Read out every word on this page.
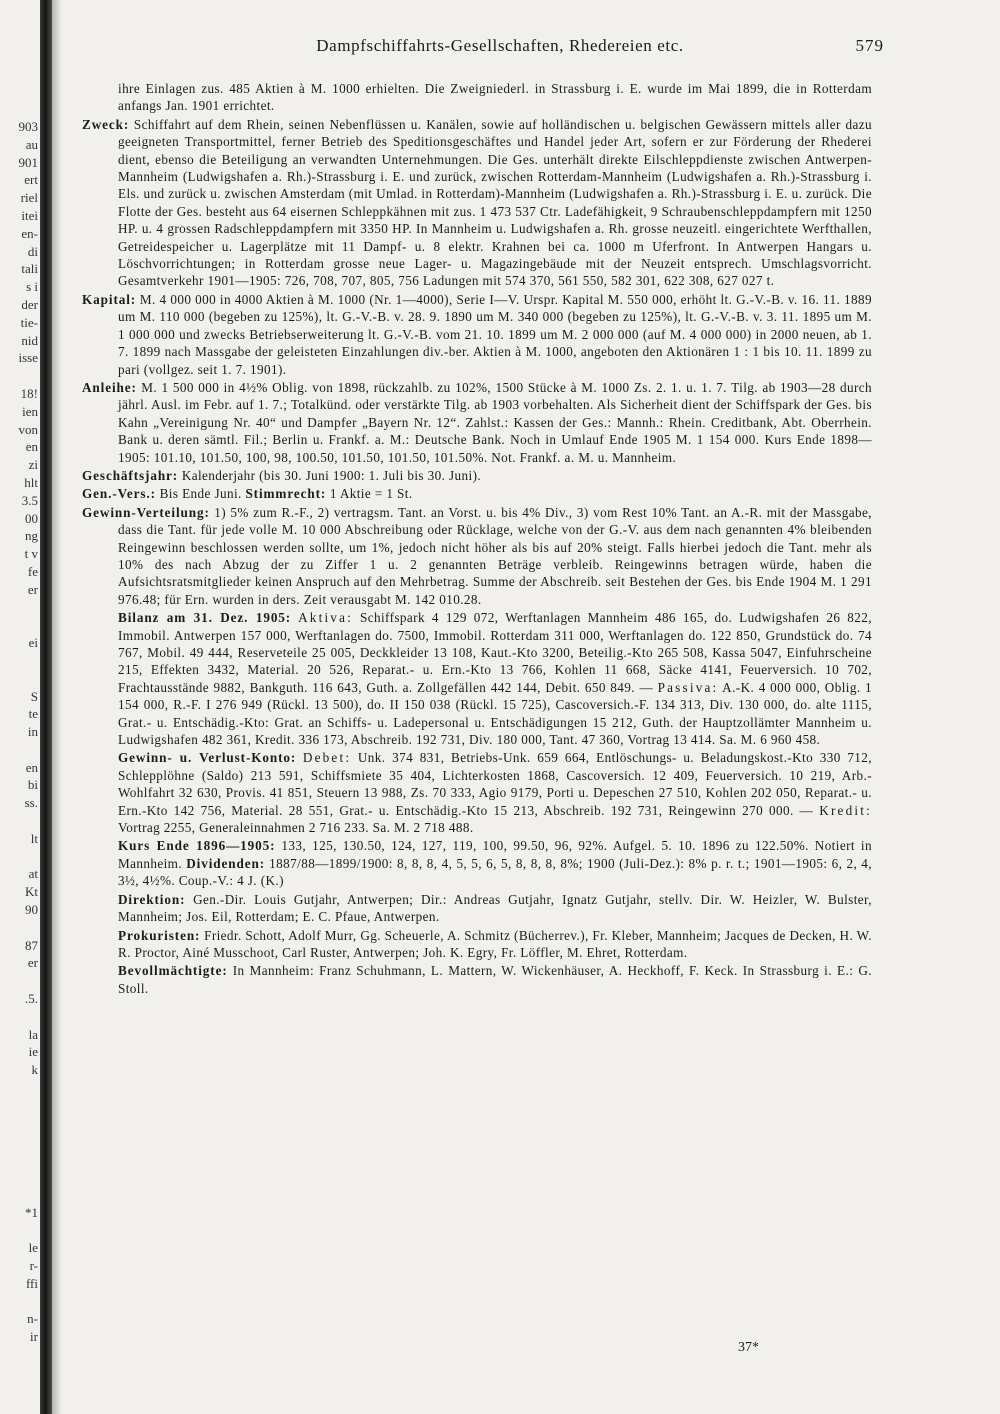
903
au
901
ert
riel
itei
en-
di
tali
s i
der
tie-
nid
isse

18!
ien
von
en
zi
hlt
3.5
00
ng
t v
fe
er

ei

S
te
in

en
bi
ss.

lt

at
Kt
90

87
er

.5.

la
ie
k

*1

le
r-
ffi

n-
ir
Dampfschiffahrts-Gesellschaften, Rhedereien etc.	579

ihre Einlagen zus. 485 Aktien à M. 1000 erhielten. Die Zweigniederl. in Strassburg i. E. wurde im Mai 1899, die in Rotterdam anfangs Jan. 1901 errichtet.

Zweck: Schiffahrt auf dem Rhein, seinen Nebenflüssen u. Kanälen, sowie auf holländischen u. belgischen Gewässern mittels aller dazu geeigneten Transportmittel, ferner Betrieb des Speditionsgeschäftes und Handel jeder Art, sofern er zur Förderung der Rhederei dient, ebenso die Beteiligung an verwandten Unternehmungen. Die Ges. unterhält direkte Eilschleppdienste zwischen Antwerpen-Mannheim (Ludwigshafen a. Rh.)-Strassburg i. E. und zurück, zwischen Rotterdam-Mannheim (Ludwigshafen a. Rh.)-Strassburg i. Els. und zurück u. zwischen Amsterdam (mit Umlad. in Rotterdam)-Mannheim (Ludwigshafen a. Rh.)-Strassburg i. E. u. zurück. Die Flotte der Ges. besteht aus 64 eisernen Schleppkähnen mit zus. 1 473 537 Ctr. Ladefähigkeit, 9 Schraubenschleppdampfern mit 1250 HP. u. 4 grossen Radschleppdampfern mit 3350 HP. In Mannheim u. Ludwigshafen a. Rh. grosse neuzeitl. eingerichtete Werfthallen, Getreidespeicher u. Lagerplätze mit 11 Dampf- u. 8 elektr. Krahnen bei ca. 1000 m Uferfront. In Antwerpen Hangars u. Löschvorrichtungen; in Rotterdam grosse neue Lager- u. Magazingebäude mit der Neuzeit entsprech. Umschlagsvorricht. Gesamtverkehr 1901—1905: 726, 708, 707, 805, 756 Ladungen mit 574 370, 561 550, 582 301, 622 308, 627 027 t.

Kapital: M. 4 000 000 in 4000 Aktien à M. 1000 (Nr. 1—4000), Serie I—V. Urspr. Kapital M. 550 000, erhöht lt. G.-V.-B. v. 16. 11. 1889 um M. 110 000 (begeben zu 125%), lt. G.-V.-B. v. 28. 9. 1890 um M. 340 000 (begeben zu 125%), lt. G.-V.-B. v. 3. 11. 1895 um M. 1 000 000 und zwecks Betriebserweiterung lt. G.-V.-B. vom 21. 10. 1899 um M. 2 000 000 (auf M. 4 000 000) in 2000 neuen, ab 1. 7. 1899 nach Massgabe der geleisteten Einzahlungen div.-ber. Aktien à M. 1000, angeboten den Aktionären 1 : 1 bis 10. 11. 1899 zu pari (vollgez. seit 1. 7. 1901).

Anleihe: M. 1 500 000 in 4½% Oblig. von 1898, rückzahlb. zu 102%, 1500 Stücke à M. 1000 Zs. 2. 1. u. 1. 7. Tilg. ab 1903—28 durch jährl. Ausl. im Febr. auf 1. 7.; Totalkünd. oder verstärkte Tilg. ab 1903 vorbehalten. Als Sicherheit dient der Schiffspark der Ges. bis Kahn „Vereinigung Nr. 40“ und Dampfer „Bayern Nr. 12“. Zahlst.: Kassen der Ges.: Mannh.: Rhein. Creditbank, Abt. Oberrhein. Bank u. deren sämtl. Fil.; Berlin u. Frankf. a. M.: Deutsche Bank. Noch in Umlauf Ende 1905 M. 1 154 000. Kurs Ende 1898—1905: 101.10, 101.50, 100, 98, 100.50, 101.50, 101.50, 101.50%. Not. Frankf. a. M. u. Mannheim.

Geschäftsjahr: Kalenderjahr (bis 30. Juni 1900: 1. Juli bis 30. Juni).

Gen.-Vers.: Bis Ende Juni. Stimmrecht: 1 Aktie = 1 St.

Gewinn-Verteilung: 1) 5% zum R.-F., 2) vertragsm. Tant. an Vorst. u. bis 4% Div., 3) vom Rest 10% Tant. an A.-R. mit der Massgabe, dass die Tant. für jede volle M. 10 000 Abschreibung oder Rücklage, welche von der G.-V. aus dem nach genannten 4% bleibenden Reingewinn beschlossen werden sollte, um 1%, jedoch nicht höher als bis auf 20% steigt. Falls hierbei jedoch die Tant. mehr als 10% des nach Abzug der zu Ziffer 1 u. 2 genannten Beträge verbleib. Reingewinns betragen würde, haben die Aufsichtsratsmitglieder keinen Anspruch auf den Mehrbetrag. Summe der Abschreib. seit Bestehen der Ges. bis Ende 1904 M. 1 291 976.48; für Ern. wurden in ders. Zeit verausgabt M. 142 010.28.

Bilanz am 31. Dez. 1905: Aktiva: Schiffspark 4 129 072, Werftanlagen Mannheim 486 165, do. Ludwigshafen 26 822, Immobil. Antwerpen 157 000, Werftanlagen do. 7500, Immobil. Rotterdam 311 000, Werftanlagen do. 122 850, Grundstück do. 74 767, Mobil. 49 444, Reserveteile 25 005, Deckkleider 13 108, Kaut.-Kto 3200, Beteilig.-Kto 265 508, Kassa 5047, Einfuhrscheine 215, Effekten 3432, Material. 20 526, Reparat.- u. Ern.-Kto 13 766, Kohlen 11 668, Säcke 4141, Feuerversich. 10 702, Frachtausstände 9882, Bankguth. 116 643, Guth. a. Zollgefällen 442 144, Debit. 650 849. — Passiva: A.-K. 4 000 000, Oblig. 1 154 000, R.-F. I 276 949 (Rückl. 13 500), do. II 150 038 (Rückl. 15 725), Cascoversich.-F. 134 313, Div. 130 000, do. alte 1115, Grat.- u. Entschädig.-Kto: Grat. an Schiffs- u. Ladepersonal u. Entschädigungen 15 212, Guth. der Hauptzollämter Mannheim u. Ludwigshafen 482 361, Kredit. 336 173, Abschreib. 192 731, Div. 180 000, Tant. 47 360, Vortrag 13 414. Sa. M. 6 960 458.

Gewinn- u. Verlust-Konto: Debet: Unk. 374 831, Betriebs-Unk. 659 664, Entlöschungs- u. Beladungskost.-Kto 330 712, Schlepplöhne (Saldo) 213 591, Schiffsmiete 35 404, Lichterkosten 1868, Cascoversich. 12 409, Feuerversich. 10 219, Arb.-Wohlfahrt 32 630, Provis. 41 851, Steuern 13 988, Zs. 70 333, Agio 9179, Porti u. Depeschen 27 510, Kohlen 202 050, Reparat.- u. Ern.-Kto 142 756, Material. 28 551, Grat.- u. Entschädig.-Kto 15 213, Abschreib. 192 731, Reingewinn 270 000. — Kredit: Vortrag 2255, Generaleinnahmen 2 716 233. Sa. M. 2 718 488.

Kurs Ende 1896—1905: 133, 125, 130.50, 124, 127, 119, 100, 99.50, 96, 92%. Aufgel. 5. 10. 1896 zu 122.50%. Notiert in Mannheim. Dividenden: 1887/88—1899/1900: 8, 8, 8, 4, 5, 5, 6, 5, 8, 8, 8, 8%; 1900 (Juli-Dez.): 8% p. r. t.; 1901—1905: 6, 2, 4, 3½, 4½%. Coup.-V.: 4 J. (K.)

Direktion: Gen.-Dir. Louis Gutjahr, Antwerpen; Dir.: Andreas Gutjahr, Ignatz Gutjahr, stellv. Dir. W. Heizler, W. Bulster, Mannheim; Jos. Eil, Rotterdam; E. C. Pfaue, Antwerpen.

Prokuristen: Friedr. Schott, Adolf Murr, Gg. Scheuerle, A. Schmitz (Bücherrev.), Fr. Kleber, Mannheim; Jacques de Decken, H. W. R. Proctor, Ainé Musschoot, Carl Ruster, Antwerpen; Joh. K. Egry, Fr. Löffler, M. Ehret, Rotterdam.

Bevollmächtigte: In Mannheim: Franz Schuhmann, L. Mattern, W. Wickenhäuser, A. Heckhoff, F. Keck. In Strassburg i. E.: G. Stoll.

37*
